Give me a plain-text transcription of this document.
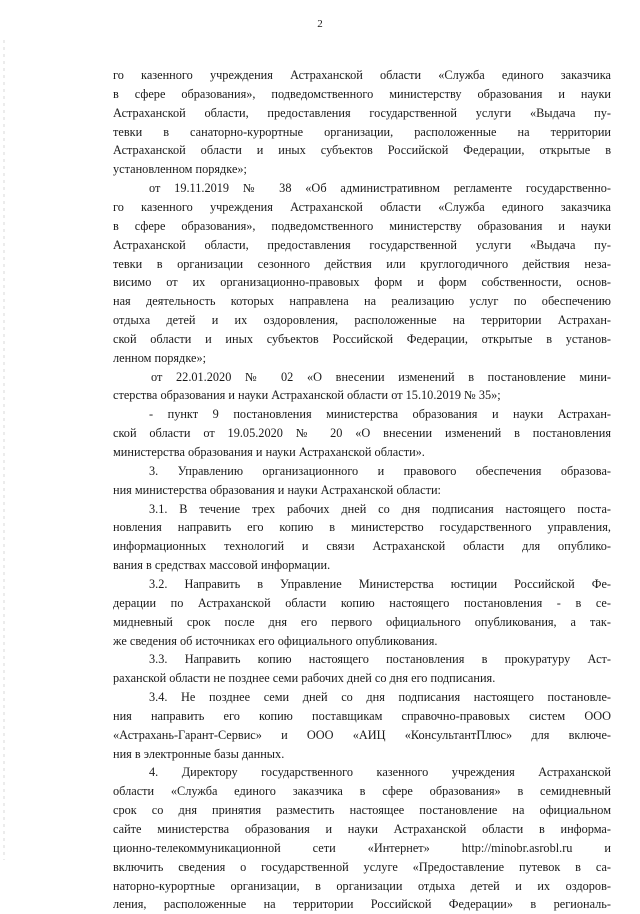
2
го казенного учреждения Астраханской области «Служба единого заказчика
в сфере образования», подведомственного министерству образования и науки
Астраханской области, предоставления государственной услуги «Выдача пу-
тевки в санаторно-курортные организации, расположенные на территории
Астраханской области и иных субъектов Российской Федерации, открытые в
установленном порядке»;
от 19.11.2019 № 38 «Об административном регламенте государственно-
го казенного учреждения Астраханской области «Служба единого заказчика
в сфере образования», подведомственного министерству образования и науки
Астраханской области, предоставления государственной услуги «Выдача пу-
тевки в организации сезонного действия или круглогодичного действия неза-
висимо от их организационно-правовых форм и форм собственности, основ-
ная деятельность которых направлена на реализацию услуг по обеспечению
отдыха детей и их оздоровления, расположенные на территории Астрахан-
ской области и иных субъектов Российской Федерации, открытые в установ-
ленном порядке»;
от 22.01.2020 № 02 «О внесении изменений в постановление мини-
стерства образования и науки Астраханской области от 15.10.2019 № 35»;
- пункт 9 постановления министерства образования и науки Астрахан-
ской области от 19.05.2020 № 20 «О внесении изменений в постановления
министерства образования и науки Астраханской области».
3. Управлению организационного и правового обеспечения образова-
ния министерства образования и науки Астраханской области:
3.1. В течение трех рабочих дней со дня подписания настоящего поста-
новления направить его копию в министерство государственного управления,
информационных технологий и связи Астраханской области для опублико-
вания в средствах массовой информации.
3.2. Направить в Управление Министерства юстиции Российской Фе-
дерации по Астраханской области копию настоящего постановления - в се-
мидневный срок после дня его первого официального опубликования, а так-
же сведения об источниках его официального опубликования.
3.3. Направить копию настоящего постановления в прокуратуру Аст-
раханской области не позднее семи рабочих дней со дня его подписания.
3.4. Не позднее семи дней со дня подписания настоящего постановле-
ния направить его копию поставщикам справочно-правовых систем ООО
«Астрахань-Гарант-Сервис» и ООО «АИЦ «КонсультантПлюс» для включе-
ния в электронные базы данных.
4. Директору государственного казенного учреждения Астраханской
области «Служба единого заказчика в сфере образования» в семидневный
срок со дня принятия разместить настоящее постановление на официальном
сайте министерства образования и науки Астраханской области в информа-
ционно-телекоммуникационной сети «Интернет» http://minobr.asrobl.ru и
включить сведения о государственной услуге «Предоставление путевок в са-
наторно-курортные организации, в организации отдыха детей и их оздоров-
ления, расположенные на территории Российской Федерации» в региональ-
